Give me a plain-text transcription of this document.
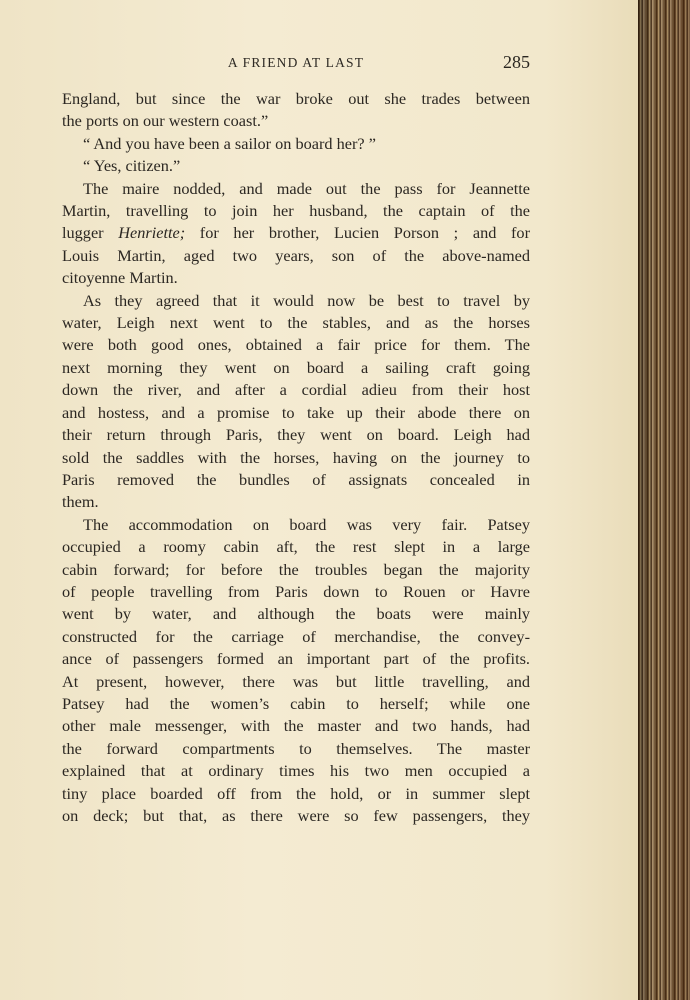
A FRIEND AT LAST	285
England, but since the war broke out she trades between
the ports on our western coast.”
“ And you have been a sailor on board her? ”
“ Yes, citizen.”
The maire nodded, and made out the pass for Jeannette
Martin, travelling to join her husband, the captain of the
lugger Henriette; for her brother, Lucien Porson ; and for
Louis Martin, aged two years, son of the above-named
citoyenne Martin.
As they agreed that it would now be best to travel by
water, Leigh next went to the stables, and as the horses
were both good ones, obtained a fair price for them. The
next morning they went on board a sailing craft going
down the river, and after a cordial adieu from their host
and hostess, and a promise to take up their abode there on
their return through Paris, they went on board. Leigh had
sold the saddles with the horses, having on the journey to
Paris removed the bundles of assignats concealed in
them.
The accommodation on board was very fair. Patsey
occupied a roomy cabin aft, the rest slept in a large
cabin forward; for before the troubles began the majority
of people travelling from Paris down to Rouen or Havre
went by water, and although the boats were mainly
constructed for the carriage of merchandise, the convey-
ance of passengers formed an important part of the profits.
At present, however, there was but little travelling, and
Patsey had the women’s cabin to herself; while one
other male messenger, with the master and two hands, had
the forward compartments to themselves. The master
explained that at ordinary times his two men occupied a
tiny place boarded off from the hold, or in summer slept
on deck; but that, as there were so few passengers, they
